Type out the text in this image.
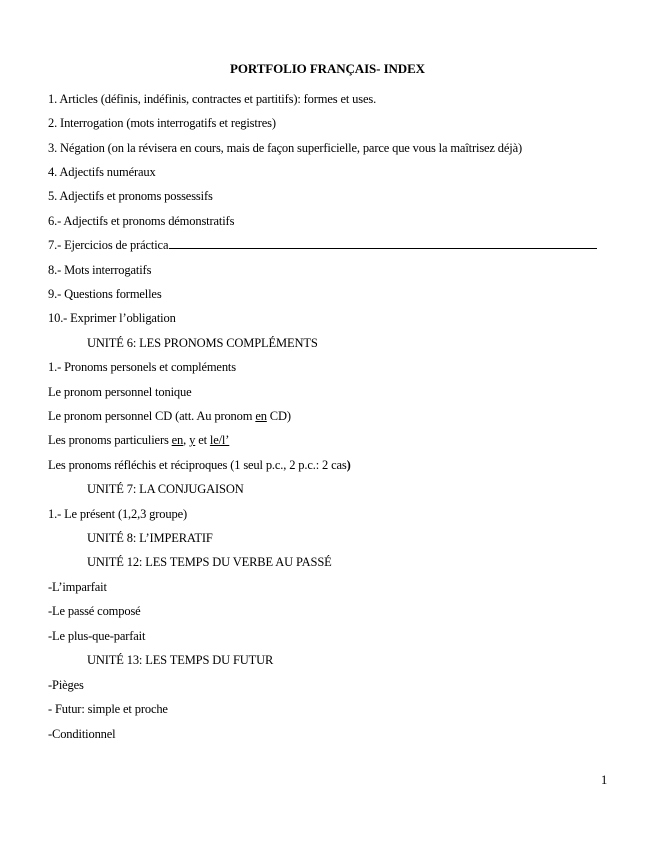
PORTFOLIO FRANÇAIS- INDEX
1. Articles (définis, indéfinis, contractes et partitifs): formes et uses.
2. Interrogation (mots interrogatifs et registres)
3. Négation (on la révisera en cours, mais de façon superficielle, parce que vous la maîtrisez déjà)
4. Adjectifs numéraux
5. Adjectifs et pronoms possessifs
6.- Adjectifs et pronoms démonstratifs
7.- Ejercicios de práctica
8.- Mots interrogatifs
9.- Questions formelles
10.- Exprimer l’obligation
UNITÉ 6: LES PRONOMS COMPLÉMENTS
1.- Pronoms personels et compléments
Le pronom personnel tonique
Le pronom personnel CD (att. Au pronom en CD)
Les pronoms particuliers en, y et le/l’
Les pronoms réfléchis et réciproques (1 seul p.c., 2 p.c.: 2 cas)
UNITÉ 7: LA CONJUGAISON
1.- Le présent (1,2,3 groupe)
UNITÉ 8: L’IMPERATIF
UNITÉ 12: LES TEMPS DU VERBE AU PASSÉ
-L’imparfait
-Le passé composé
-Le plus-que-parfait
UNITÉ 13: LES TEMPS DU FUTUR
-Pièges
- Futur: simple et proche
-Conditionnel
1
